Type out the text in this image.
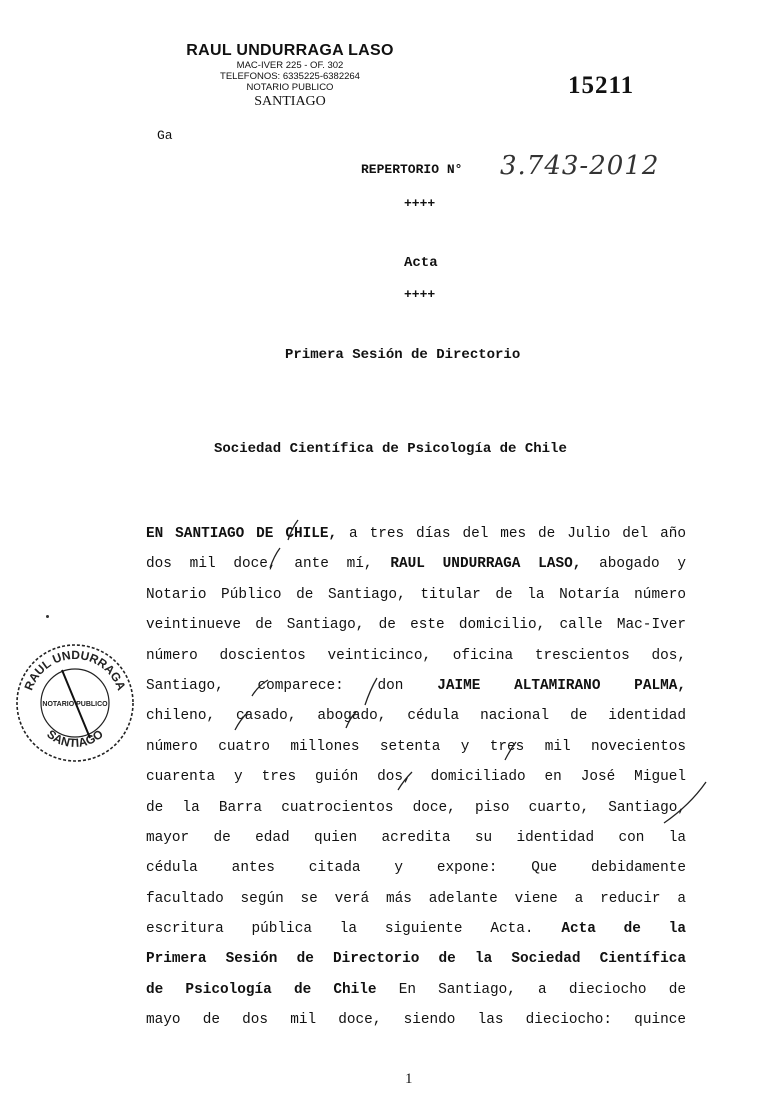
RAUL UNDURRAGA LASO
MAC-IVER 225 - OF. 302
TELEFONOS: 6335225-6382264
NOTARIO PUBLICO
SANTIAGO
15211
Ga
REPERTORIO N° 3.743-2012
++++
Acta
++++
Primera Sesión de Directorio
Sociedad Científica de Psicología de Chile
RAUL UNDURRAGA
SANTIAGO
NOTARIO PUBLICO
EN SANTIAGO DE CHILE, a tres días del mes de Julio del año
dos mil doce, ante mí, RAUL UNDURRAGA LASO, abogado y
Notario Público de Santiago, titular de la Notaría número
veintinueve de Santiago, de este domicilio, calle Mac-Iver
número doscientos veinticinco, oficina trescientos dos,
Santiago, comparece: don JAIME ALTAMIRANO PALMA,
chileno, casado, abogado, cédula nacional de identidad
número cuatro millones setenta y tres mil novecientos
cuarenta y tres guión dos, domiciliado en José Miguel
de la Barra cuatrocientos doce, piso cuarto, Santiago,
mayor de edad quien acredita su identidad con la
cédula antes citada y expone: Que debidamente
facultado según se verá más adelante viene a reducir a
escritura pública la siguiente Acta. Acta de la
Primera Sesión de Directorio de la Sociedad Científica
de Psicología de Chile En Santiago, a dieciocho de
mayo de dos mil doce, siendo las dieciocho: quince
1
